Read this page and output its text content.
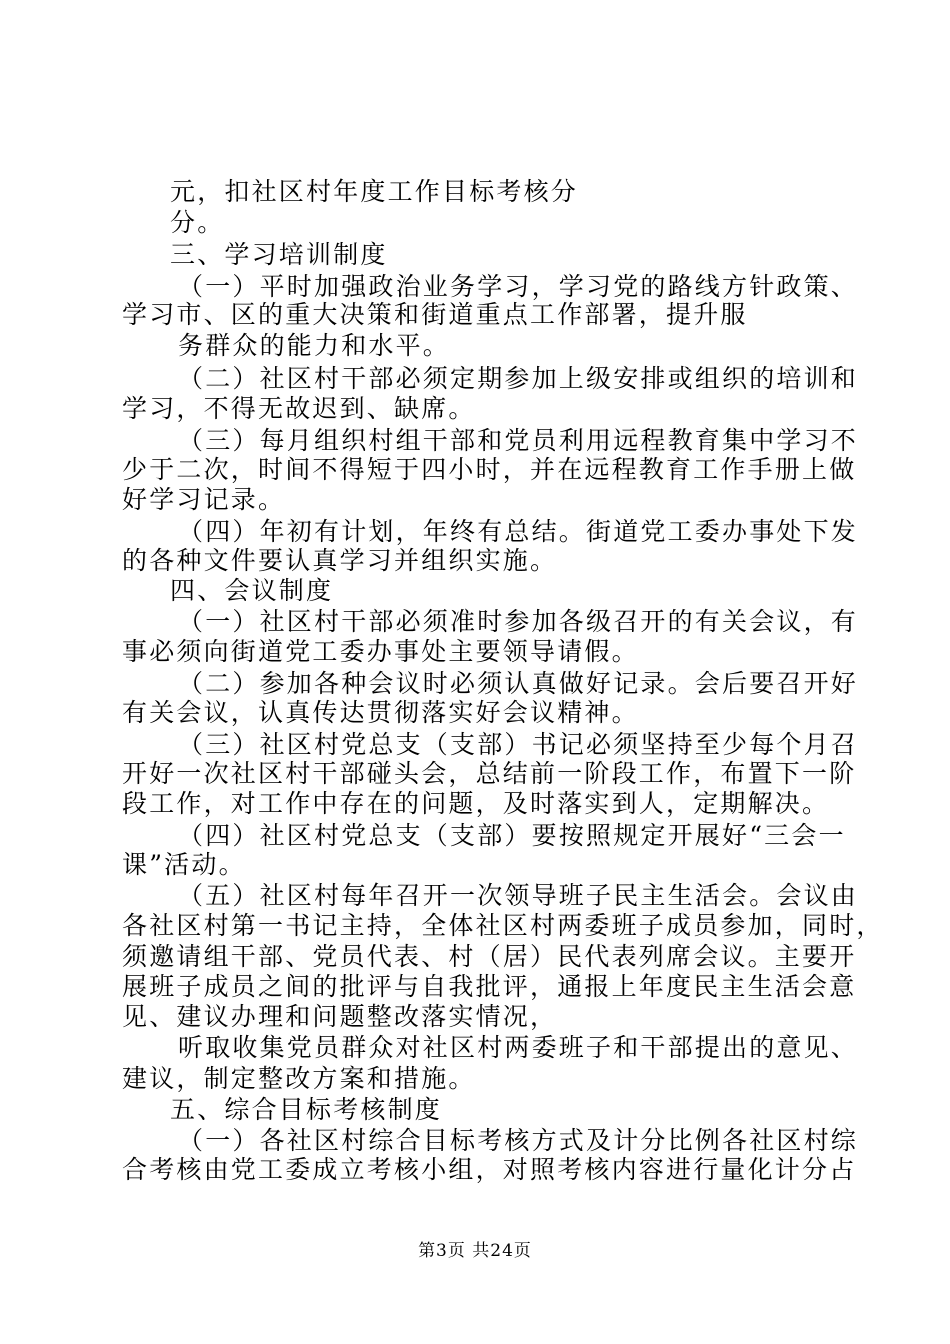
元，扣社区村年度工作目标考核分
分。
三、学习培训制度
（一）平时加强政治业务学习，学习党的路线方针政策、
学习市、区的重大决策和街道重点工作部署，提升服
务群众的能力和水平。
（二）社区村干部必须定期参加上级安排或组织的培训和
学习，不得无故迟到、缺席。
（三）每月组织村组干部和党员利用远程教育集中学习不
少于二次，时间不得短于四小时，并在远程教育工作手册上做
好学习记录。
（四）年初有计划，年终有总结。街道党工委办事处下发
的各种文件要认真学习并组织实施。
四、会议制度
（一）社区村干部必须准时参加各级召开的有关会议，有
事必须向街道党工委办事处主要领导请假。
（二）参加各种会议时必须认真做好记录。会后要召开好
有关会议，认真传达贯彻落实好会议精神。
（三）社区村党总支（支部）书记必须坚持至少每个月召
开好一次社区村干部碰头会，总结前一阶段工作，布置下一阶
段工作，对工作中存在的问题，及时落实到人，定期解决。
（四）社区村党总支（支部）要按照规定开展好“三会一
课”活动。
（五）社区村每年召开一次领导班子民主生活会。会议由
各社区村第一书记主持，全体社区村两委班子成员参加，同时，
须邀请组干部、党员代表、村（居）民代表列席会议。主要开
展班子成员之间的批评与自我批评，通报上年度民主生活会意
见、建议办理和问题整改落实情况，
听取收集党员群众对社区村两委班子和干部提出的意见、
建议，制定整改方案和措施。
五、综合目标考核制度
（一）各社区村综合目标考核方式及计分比例各社区村综
合考核由党工委成立考核小组，对照考核内容进行量化计分占
第3页 共24页
